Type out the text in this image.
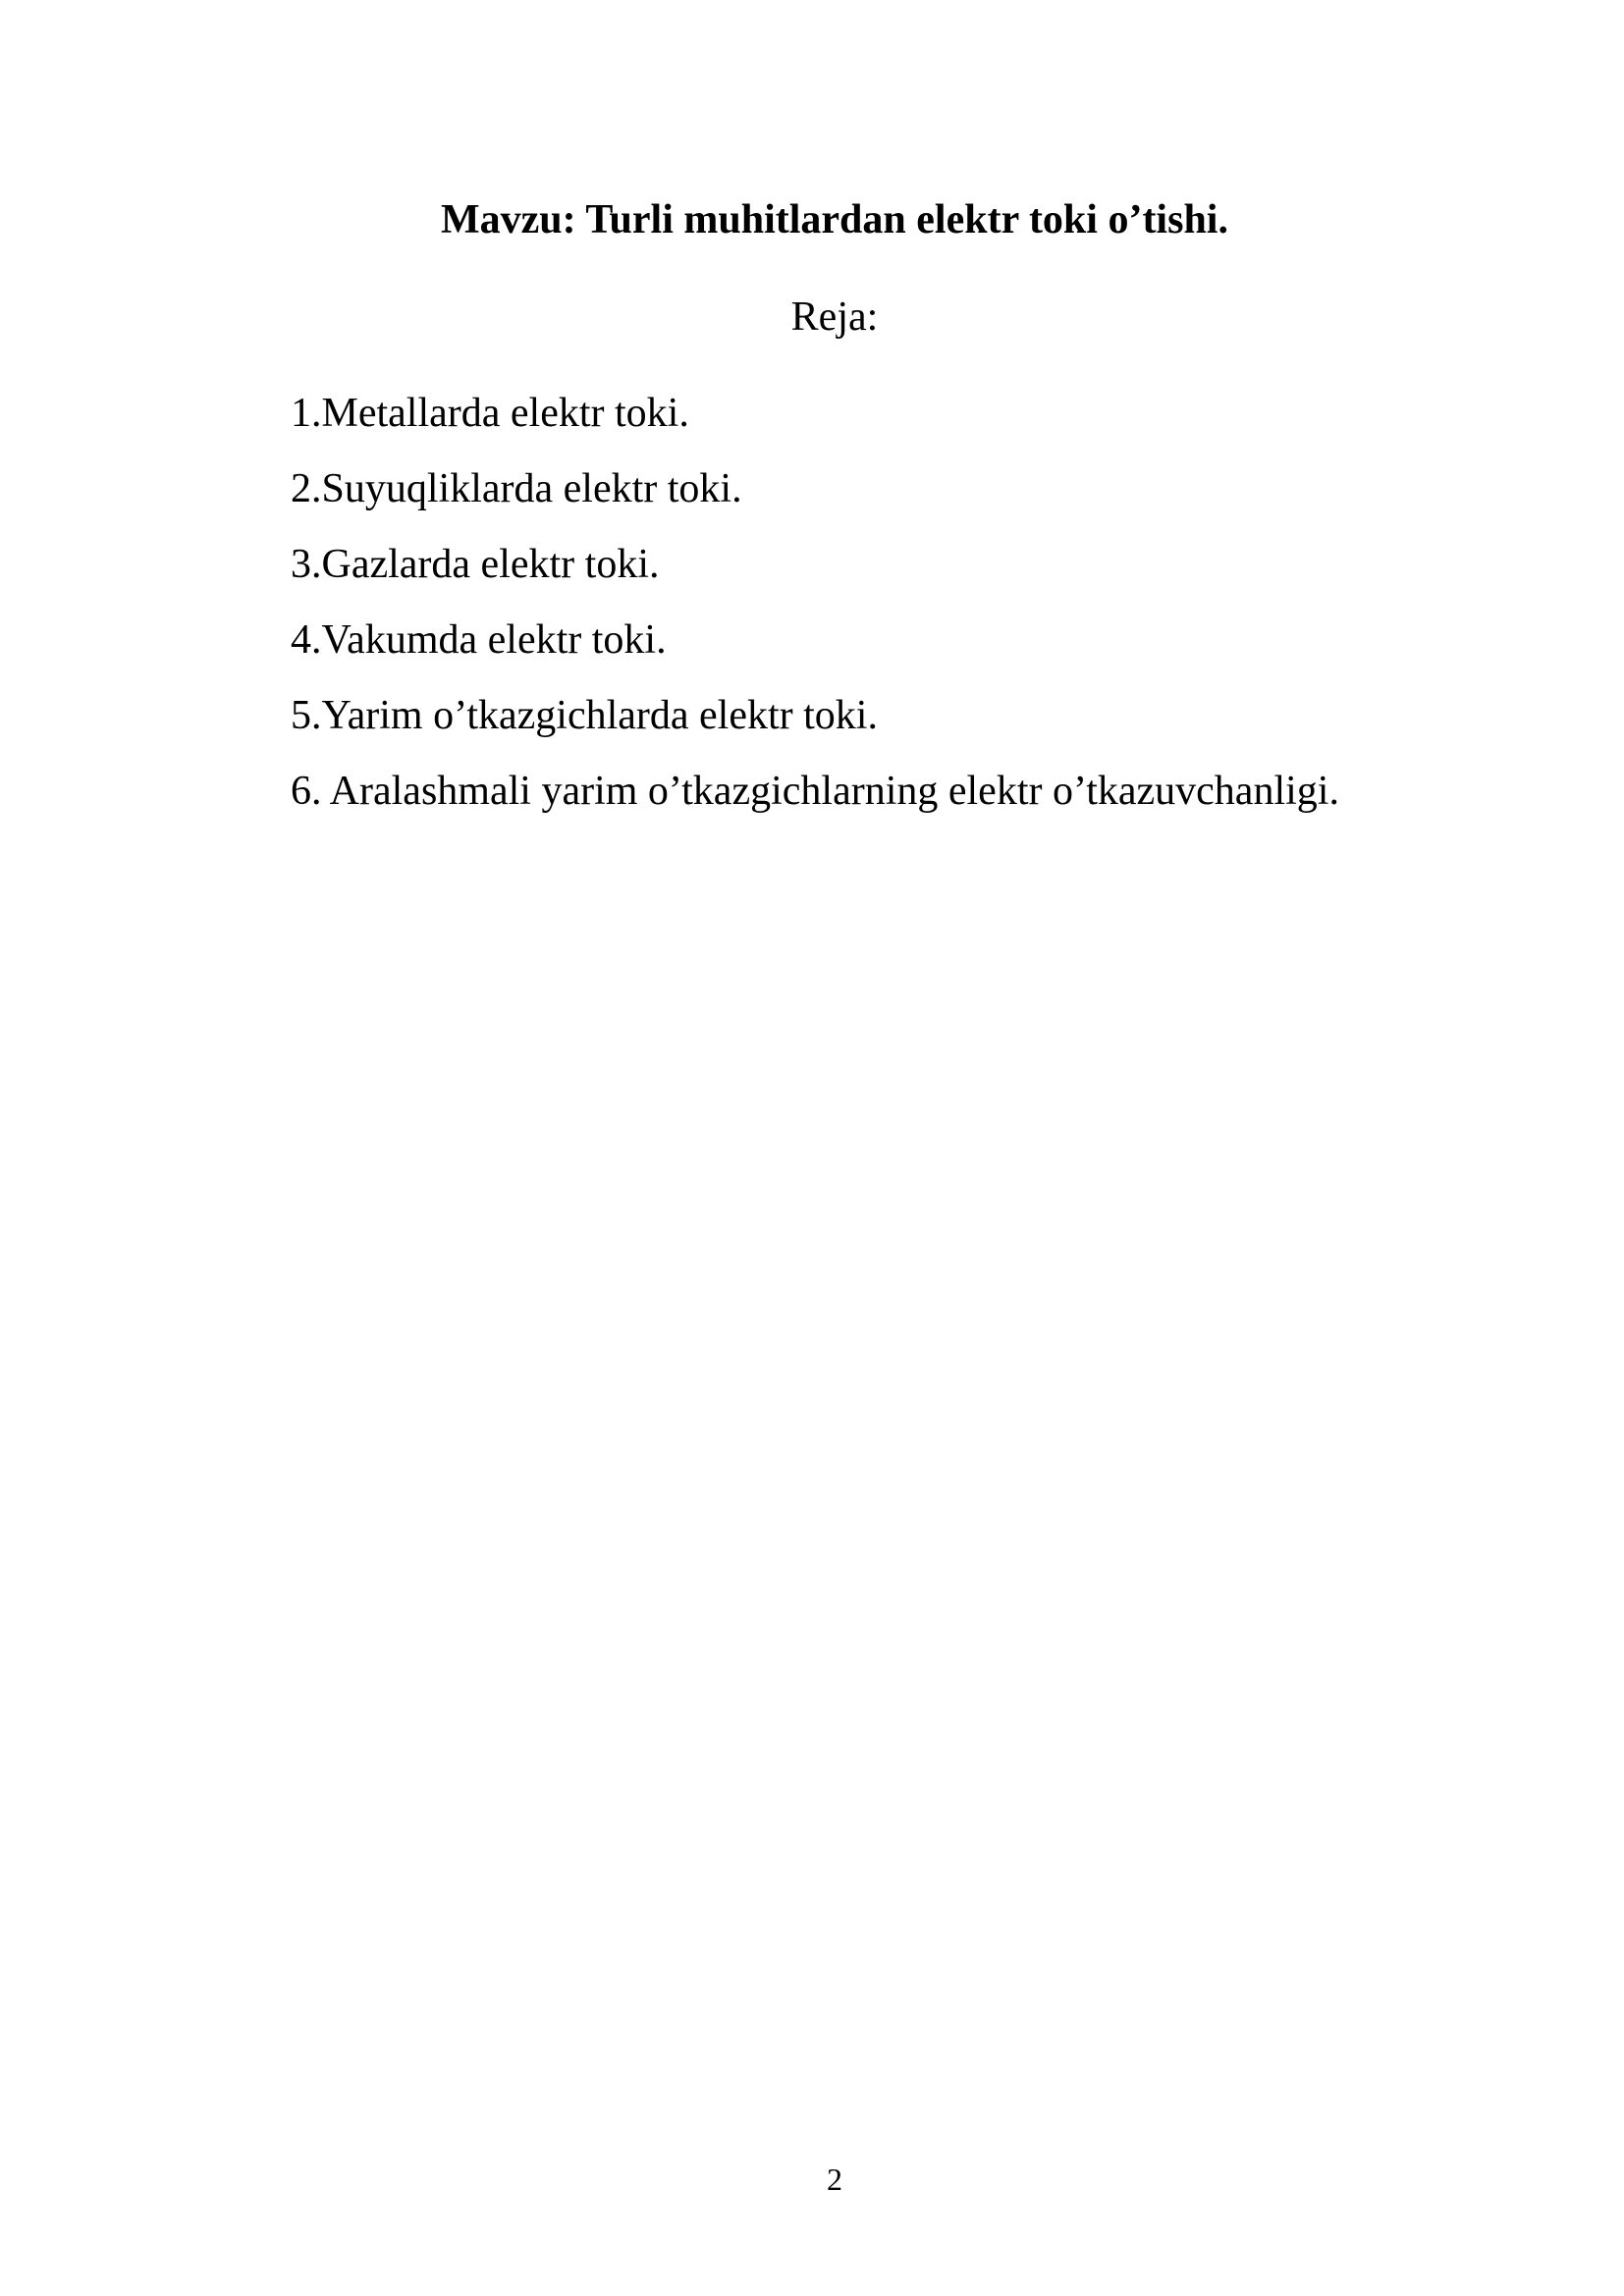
Mavzu: Turli muhitlardan elektr toki o’tishi.
Reja:
1.Metallarda elektr toki.
2.Suyuqliklarda elektr toki.
3.Gazlarda elektr toki.
4.Vakumda elektr toki.
5.Yarim o’tkazgichlarda elektr toki.
6. Aralashmali yarim o’tkazgichlarning elektr o’tkazuvchanligi.
2
